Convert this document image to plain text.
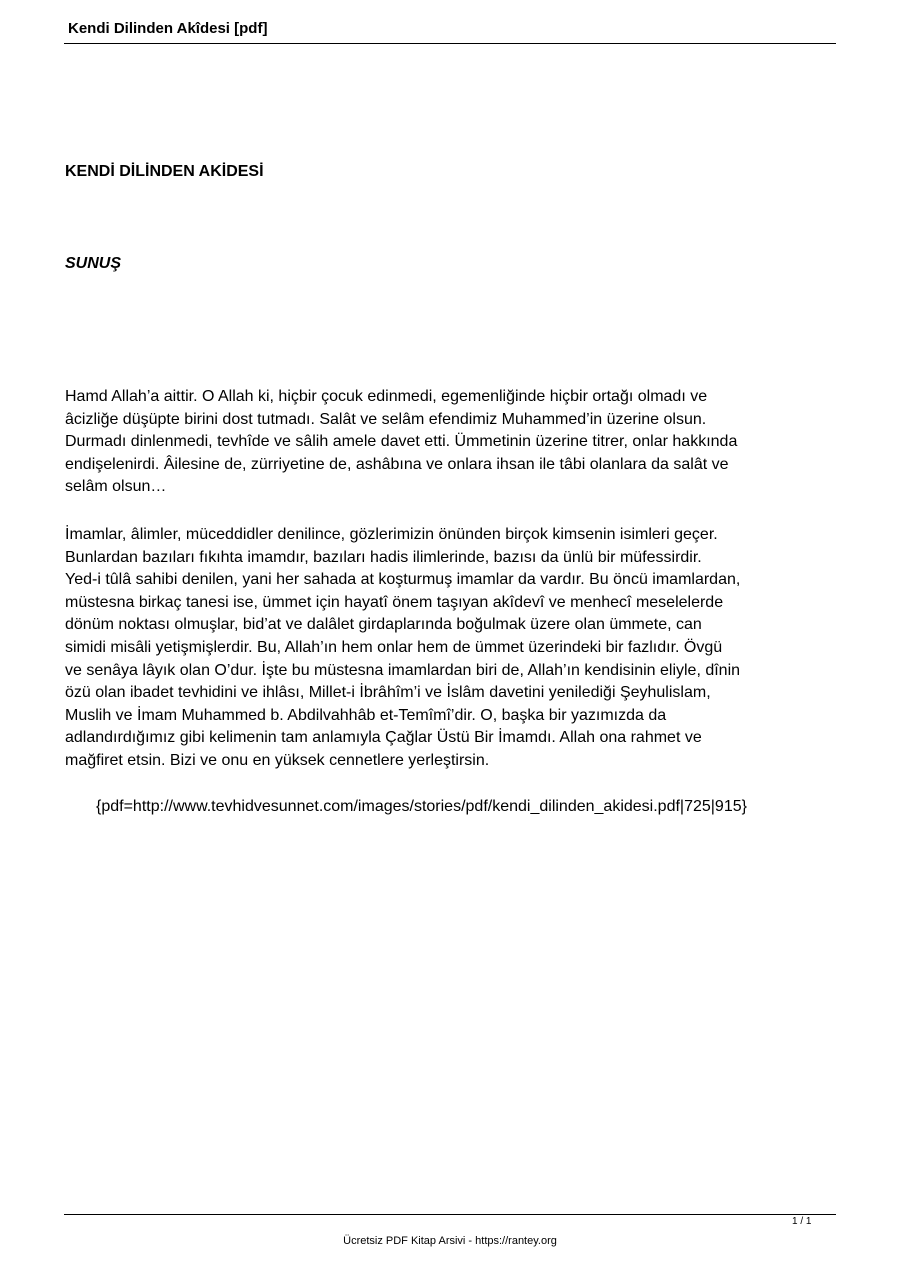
Kendi Dilinden Akîdesi [pdf]
KENDİ DİLİNDEN AKİDESİ
SUNUŞ

Hamd Allah’a aittir. O Allah ki, hiçbir çocuk edinmedi, egemenliğinde hiçbir ortağı olmadı ve
âcizliğe düşüpte birini dost tutmadı. Salât ve selâm efendimiz Muhammed’in üzerine olsun.
Durmadı dinlenmedi, tevhîde ve sâlih amele davet etti. Ümmetinin üzerine titrer, onlar hakkında
endişelenirdi. Âilesine de, zürriyetine de, ashâbına ve onlara ihsan ile tâbi olanlara da salât ve
selâm olsun…

İmamlar, âlimler, müceddidler denilince, gözlerimizin önünden birçok kimsenin isimleri geçer.
Bunlardan bazıları fıkıhta imamdır, bazıları hadis ilimlerinde, bazısı da ünlü bir müfessirdir.
Yed-i tûlâ sahibi denilen, yani her sahada at koşturmuş imamlar da vardır. Bu öncü imamlardan,
müstesna birkaç tanesi ise, ümmet için hayatî önem taşıyan akîdevî ve menhecî meselelerde
dönüm noktası olmuşlar, bid’at ve dalâlet girdaplarında boğulmak üzere olan ümmete, can
simidi misâli yetişmişlerdir. Bu, Allah’ın hem onlar hem de ümmet üzerindeki bir fazlıdır. Övgü
ve senâya lâyık olan O’dur. İşte bu müstesna imamlardan biri de, Allah’ın kendisinin eliyle, dînin
özü olan ibadet tevhidini ve ihlâsı, Millet-i İbrâhîm’i ve İslâm davetini yenilediği Şeyhulislam,
Muslih ve İmam Muhammed b. Abdilvahhâb et-Temîmî’dir. O, başka bir yazımızda da
adlandırdığımız gibi kelimenin tam anlamıyla Çağlar Üstü Bir İmamdı. Allah ona rahmet ve
mağfiret etsin. Bizi ve onu en yüksek cennetlere yerleştirsin.

{pdf=http://www.tevhidvesunnet.com/images/stories/pdf/kendi_dilinden_akidesi.pdf|725|915}
1 / 1
Ücretsiz PDF Kitap Arsivi - https://rantey.org
